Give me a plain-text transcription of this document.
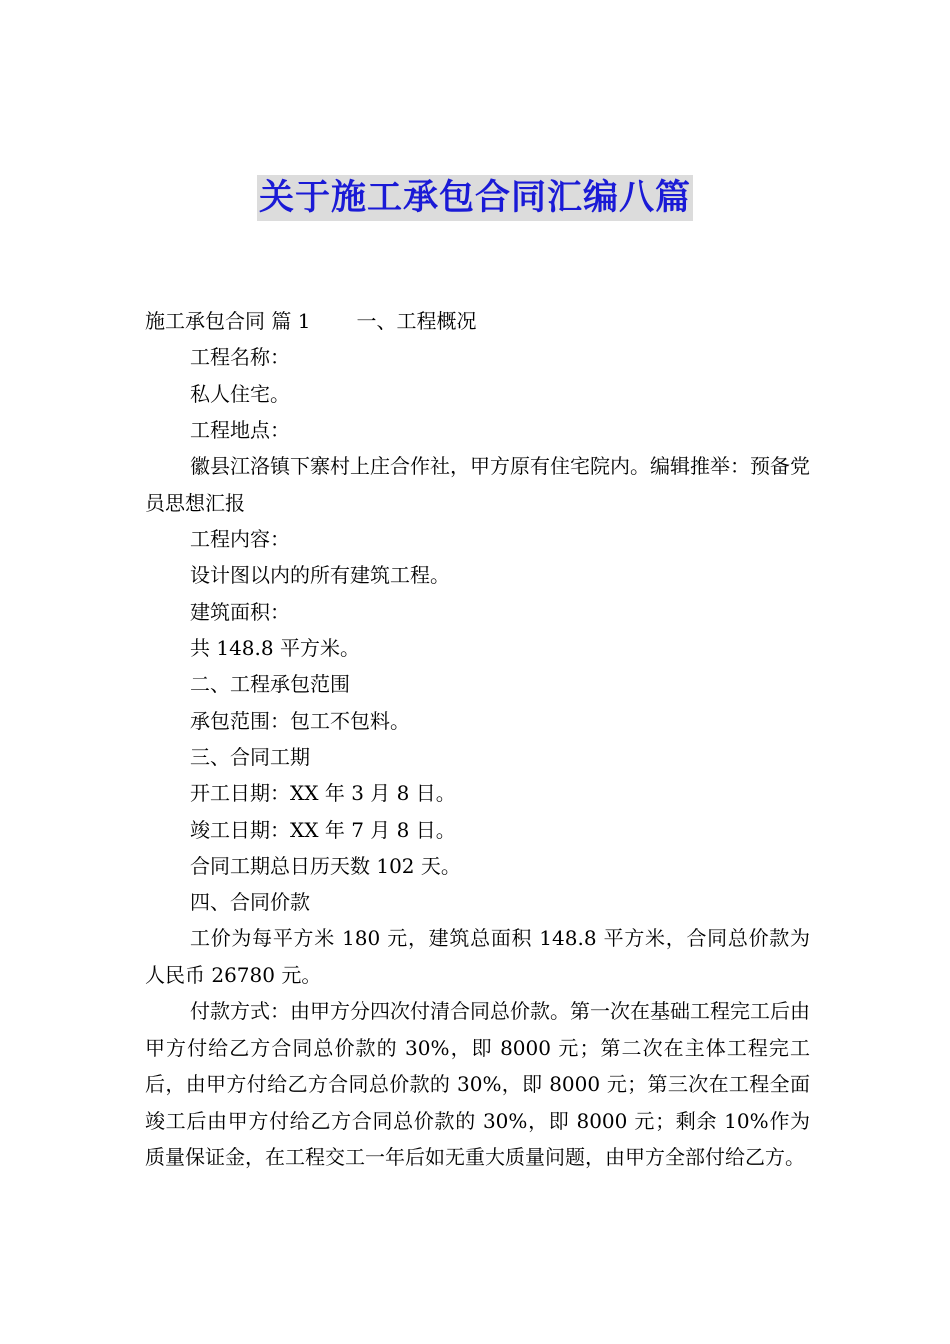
关于施工承包合同汇编八篇

施工承包合同 篇 1 一、工程概况

工程名称：

私人住宅。

工程地点：

徽县江洛镇下寨村上庄合作社，甲方原有住宅院内。编辑推举：预备党员思想汇报

工程内容：

设计图以内的所有建筑工程。

建筑面积：

共 148.8 平方米。

二、工程承包范围

承包范围：包工不包料。

三、合同工期

开工日期：XX 年 3 月 8 日。

竣工日期：XX 年 7 月 8 日。

合同工期总日历天数 102 天。

四、合同价款

工价为每平方米 180 元，建筑总面积 148.8 平方米，合同总价款为人民币 26780 元。

付款方式：由甲方分四次付清合同总价款。第一次在基础工程完工后由甲方付给乙方合同总价款的 30%，即 8000 元；第二次在主体工程完工后，由甲方付给乙方合同总价款的 30%，即 8000 元；第三次在工程全面竣工后由甲方付给乙方合同总价款的 30%，即 8000 元；剩余 10%作为质量保证金，在工程交工一年后如无重大质量问题，由甲方全部付给乙方。
